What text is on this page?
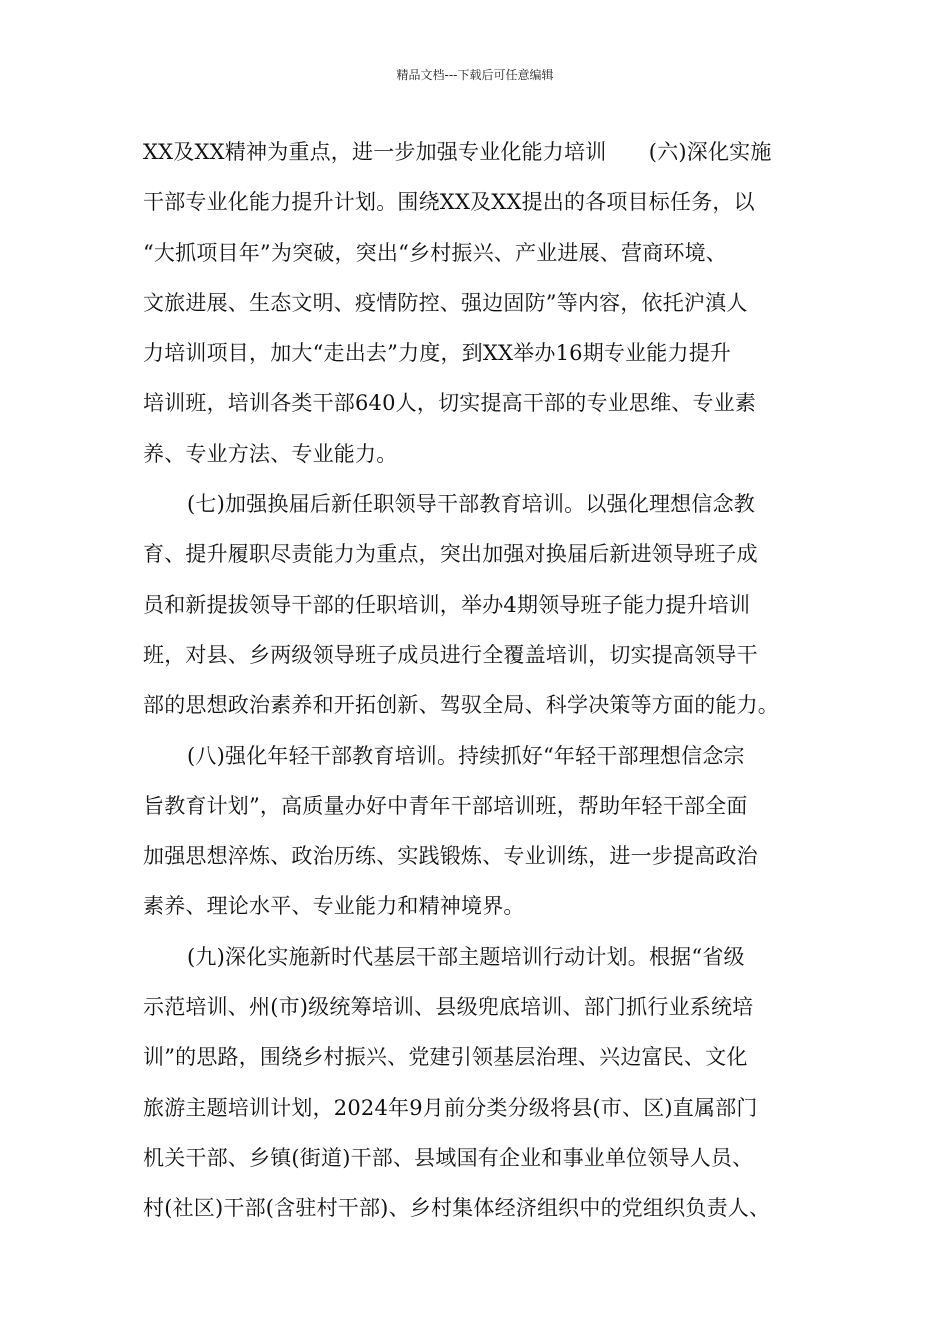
精品文档---下载后可任意编辑
XX及XX精神为重点，进一步加强专业化能力培训　　(六)深化实施
干部专业化能力提升计划。围绕XX及XX提出的各项目标任务，以
“大抓项目年”为突破，突出“乡村振兴、产业进展、营商环境、
文旅进展、生态文明、疫情防控、强边固防”等内容，依托沪滇人
力培训项目，加大“走出去”力度，到XX举办16期专业能力提升
培训班，培训各类干部640人，切实提高干部的专业思维、专业素
养、专业方法、专业能力。
(七)加强换届后新任职领导干部教育培训。以强化理想信念教
育、提升履职尽责能力为重点，突出加强对换届后新进领导班子成
员和新提拔领导干部的任职培训，举办4期领导班子能力提升培训
班，对县、乡两级领导班子成员进行全覆盖培训，切实提高领导干
部的思想政治素养和开拓创新、驾驭全局、科学决策等方面的能力。
(八)强化年轻干部教育培训。持续抓好“年轻干部理想信念宗
旨教育计划”，高质量办好中青年干部培训班，帮助年轻干部全面
加强思想淬炼、政治历练、实践锻炼、专业训练，进一步提高政治
素养、理论水平、专业能力和精神境界。
(九)深化实施新时代基层干部主题培训行动计划。根据“省级
示范培训、州(市)级统筹培训、县级兜底培训、部门抓行业系统培
训”的思路，围绕乡村振兴、党建引领基层治理、兴边富民、文化
旅游主题培训计划，2024年9月前分类分级将县(市、区)直属部门
机关干部、乡镇(街道)干部、县域国有企业和事业单位领导人员、
村(社区)干部(含驻村干部)、乡村集体经济组织中的党组织负责人、
